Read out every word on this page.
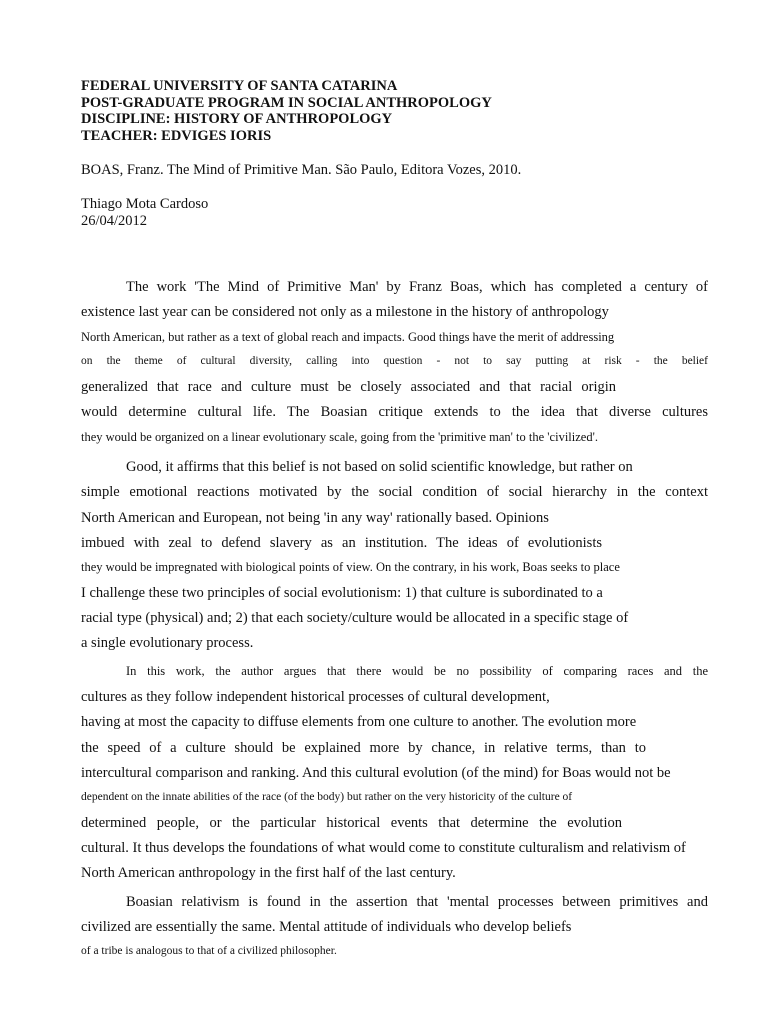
FEDERAL UNIVERSITY OF SANTA CATARINA
POST-GRADUATE PROGRAM IN SOCIAL ANTHROPOLOGY
DISCIPLINE: HISTORY OF ANTHROPOLOGY
TEACHER: EDVIGES IORIS
BOAS, Franz. The Mind of Primitive Man. São Paulo, Editora Vozes, 2010.
Thiago Mota Cardoso
26/04/2012
The work 'The Mind of Primitive Man' by Franz Boas, which has completed a century of
existence last year can be considered not only as a milestone in the history of anthropology
North American, but rather as a text of global reach and impacts. Good things have the merit of addressing
on the theme of cultural diversity, calling into question - not to say putting at risk - the belief
generalized that race and culture must be closely associated and that racial origin
would determine cultural life. The Boasian critique extends to the idea that diverse cultures
they would be organized on a linear evolutionary scale, going from the 'primitive man' to the 'civilized'.
Good, it affirms that this belief is not based on solid scientific knowledge, but rather on
simple emotional reactions motivated by the social condition of social hierarchy in the context
North American and European, not being 'in any way' rationally based. Opinions
imbued with zeal to defend slavery as an institution. The ideas of evolutionists
they would be impregnated with biological points of view. On the contrary, in his work, Boas seeks to place
I challenge these two principles of social evolutionism: 1) that culture is subordinated to a
racial type (physical) and; 2) that each society/culture would be allocated in a specific stage of
a single evolutionary process.
In this work, the author argues that there would be no possibility of comparing races and the
cultures as they follow independent historical processes of cultural development,
having at most the capacity to diffuse elements from one culture to another. The evolution more
the speed of a culture should be explained more by chance, in relative terms, than to
intercultural comparison and ranking. And this cultural evolution (of the mind) for Boas would not be
dependent on the innate abilities of the race (of the body) but rather on the very historicity of the culture of
determined people, or the particular historical events that determine the evolution
cultural. It thus develops the foundations of what would come to constitute culturalism and relativism of
North American anthropology in the first half of the last century.
Boasian relativism is found in the assertion that 'mental processes between primitives and
civilized are essentially the same. Mental attitude of individuals who develop beliefs
of a tribe is analogous to that of a civilized philosopher.
